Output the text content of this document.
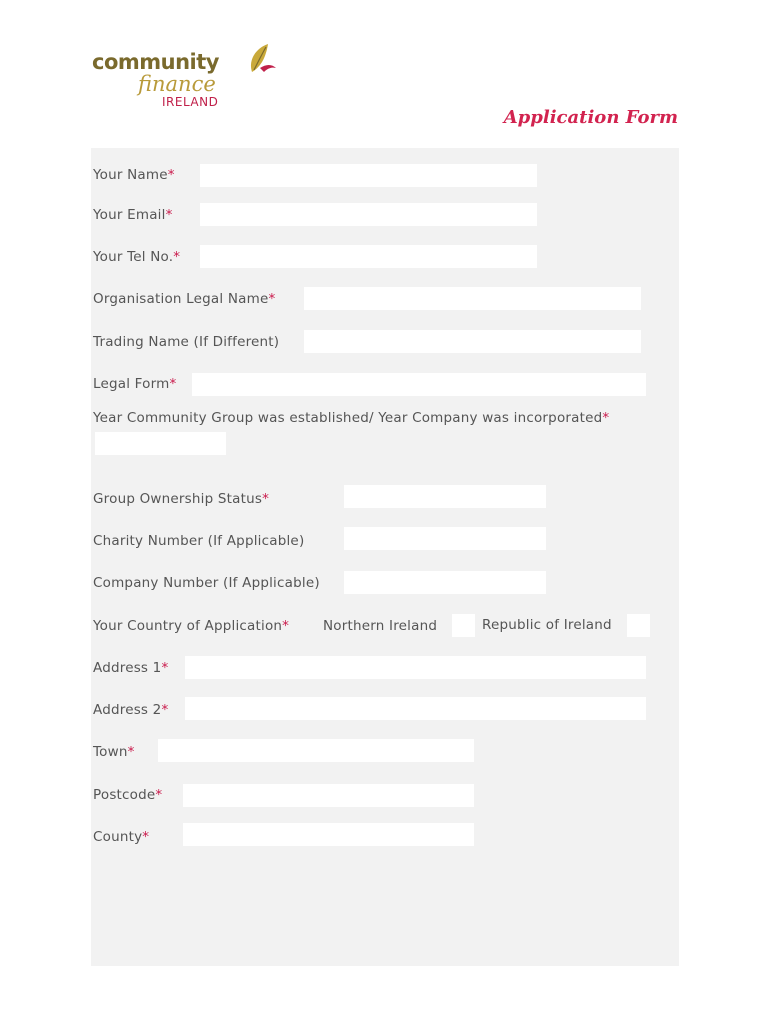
community
finance
IRELAND
Application Form
Your Name*
Your Email*
Your Tel No.*
Organisation Legal Name*
Trading Name (If Different)
Legal Form*
Year Community Group was established/ Year Company was incorporated*
Group Ownership Status*
Charity Number (If Applicable)
Company Number (If Applicable)
Your Country of Application*	Northern Ireland	Republic of Ireland
Address 1*
Address 2*
Town*
Postcode*
County*
